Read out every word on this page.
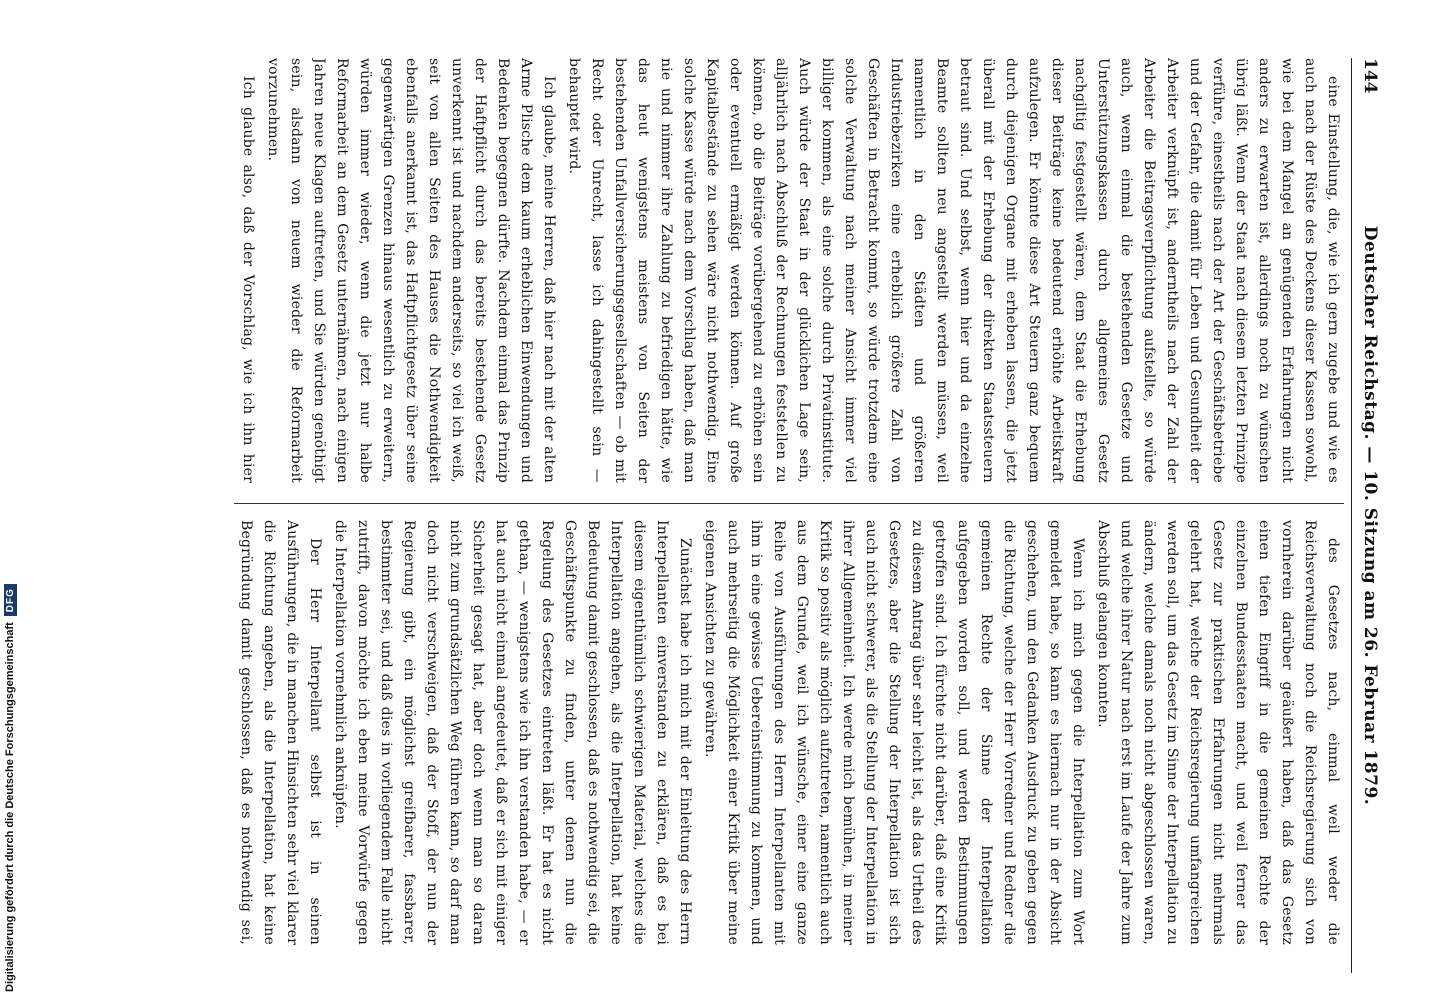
144
Deutscher Reichstag. — 10. Sitzung am 26. Februar 1879.

eine Einstellung, die, wie ich gern zugebe und wie es auch nach der Rüste des Deckens dieser Kassen sowohl, wie bei dem Mangel an genügenden Erfahrungen nicht anders zu erwarten ist, allerdings noch zu wünschen übrig läßt. Wenn der Staat nach diesem letzten Prinzipe verführe, einestheils nach der Art der Geschäftsbetriebe und der Gefahr, die damit für Leben und Gesundheit der Arbeiter verknüpft ist, anderntheils nach der Zahl der Arbeiter die Beitragsverpflichtung aufstellte, so würde auch, wenn einmal die bestehenden Gesetze und Unterstützungskassen durch allgemeines Gesetz nachgiltig festgestellt wären, dem Staat die Erhebung dieser Beiträge keine bedeutend erhöhte Arbeitskraft aufzulegen. Er könnte diese Art Steuern ganz bequem durch diejenigen Organe mit erheben lassen, die jetzt überall mit der Erhebung der direkten Staatssteuern betraut sind. Und selbst, wenn hier und da einzelne Beamte sollten neu angestellt werden müssen, weil namentlich in den Städten und größeren Industriebezirken eine erheblich größere Zahl von Geschäften in Betracht kommt, so würde trotzdem eine solche Verwaltung nach meiner Ansicht immer viel billiger kommen, als eine solche durch Privatinstitute. Auch würde der Staat in der glücklichen Lage sein, alljährlich nach Abschluß der Rechnungen feststellen zu können, ob die Beiträge vorübergehend zu erhöhen sein oder eventuell ermäßigt werden können. Auf große Kapitalbestände zu sehen wäre nicht nothwendig. Eine solche Kasse würde nach dem Vorschlag haben, daß man nie und nimmer ihre Zahlung zu befriedigen hätte, wie das heut wenigstens meistens von Seiten der bestehenden Unfallversicherungsgesellschaften — ob mit Recht oder Unrecht, lasse ich dahingestellt sein — behauptet wird.

Ich glaube, meine Herren, daß hier nach mit der alten Arme Plische dem kaum erheblichen Einwendungen und Bedenken begegnen dürfte. Nachdem einmal das Prinzip der Haftpflicht durch das bereits bestehende Gesetz unverkennt ist und nachdem anderseits, so viel ich weiß, seit von allen Seiten des Hauses die Nothwendigkeit ebenfalls anerkannt ist, das Haftpflichtgesetz über seine gegenwärtigen Grenzen hinaus wesentlich zu erweitern, würden immer wieder, wenn die jetzt nur halbe Reformarbeit an dem Gesetz unternähmen, nach einigen Jahren neue Klagen auftreten, und Sie würden genöthigt sein, alsdann von neuem wieder die Reformarbeit vorzunehmen.

Ich glaube also, daß der Vorschlag, wie ich ihn hier

des Gesetzes nach, einmal weil weder die Reichsverwaltung noch die Reichsregierung sich von vornherein darüber geäußert haben, daß das Gesetz einen tiefen Eingriff in die gemeinen Rechte der einzelnen Bundesstaaten macht, und weil ferner das Gesetz zur praktischen Erfahrungen nicht mehrmals gelehrt hat, welche der Reichsregierung umfangreichen werden soll, um das Gesetz im Sinne der Interpellation zu ändern, welche damals noch nicht abgeschlossen waren, und welche ihrer Natur nach erst im Laufe der Jahre zum Abschluß gelangen konnten.

Wenn ich mich gegen die Interpellation zum Wort gemeldet habe, so kann es hiernach nur in der Absicht geschehen, um den Gedanken Ausdruck zu geben gegen die Richtung, welche der Herr Vorredner und Redner die gemeinen Rechte der Sinne der Interpellation aufgegeben worden soll, und werden Bestimmungen getroffen sind. Ich fürchte nicht darüber, daß eine Kritik zu diesem Antrag über sehr leicht ist, als das Urtheil des Gesetzes, aber die Stellung der Interpellation ist sich auch nicht schwerer, als die Stellung der Interpellation in ihrer Allgemeinheit. Ich werde mich bemühen, in meiner Kritik so positiv als möglich aufzutreten, namentlich auch aus dem Grunde, weil ich wünsche, einer eine ganze Reihe von Ausführungen des Herrn Interpellanten mit ihm in eine gewisse Uebereinstimmung zu kommen, und auch mehrseitig die Möglichkeit einer Kritik über meine eigenen Ansichten zu gewähren.

Zunächst habe ich mich mit der Einleitung des Herrn Interpellanten einverstanden zu erklären, daß es bei diesem eigenthümlich schwierigen Material, welches die Interpellation angehen, als die Interpellation, hat keine Bedeutung damit geschlossen, daß es nothwendig sei, die Geschäftspunkte zu finden, unter denen nun die Regelung des Gesetzes eintreten läßt. Er hat es nicht gethan, — wenigstens wie ich ihn verstanden habe, — er hat auch nicht einmal angedeutet, daß er sich mit einiger Sicherheit gesagt hat, aber doch wenn man so daran nicht zum grundsätzlichen Weg führen kann, so darf man doch nicht verschweigen, daß der Stoff, der nun der Regierung gibt, ein möglichst greifbarer, fassbarer, bestimmter sei, und daß dies in vorliegendem Falle nicht zutrifft, davon möchte ich eben meine Vorwürfe gegen die Interpellation vornehmlich anknüpfen.

Der Herr Interpellant selbst ist in seinen Ausführungen, die in manchen Hinsichten sehr viel klarer die Richtung angeben, als die Interpellation, hat keine Begründung damit geschlossen, daß es nothwendig sei,

Digitalisierung gefördert durch die Deutsche ForschungsgemeinschaftDFG
